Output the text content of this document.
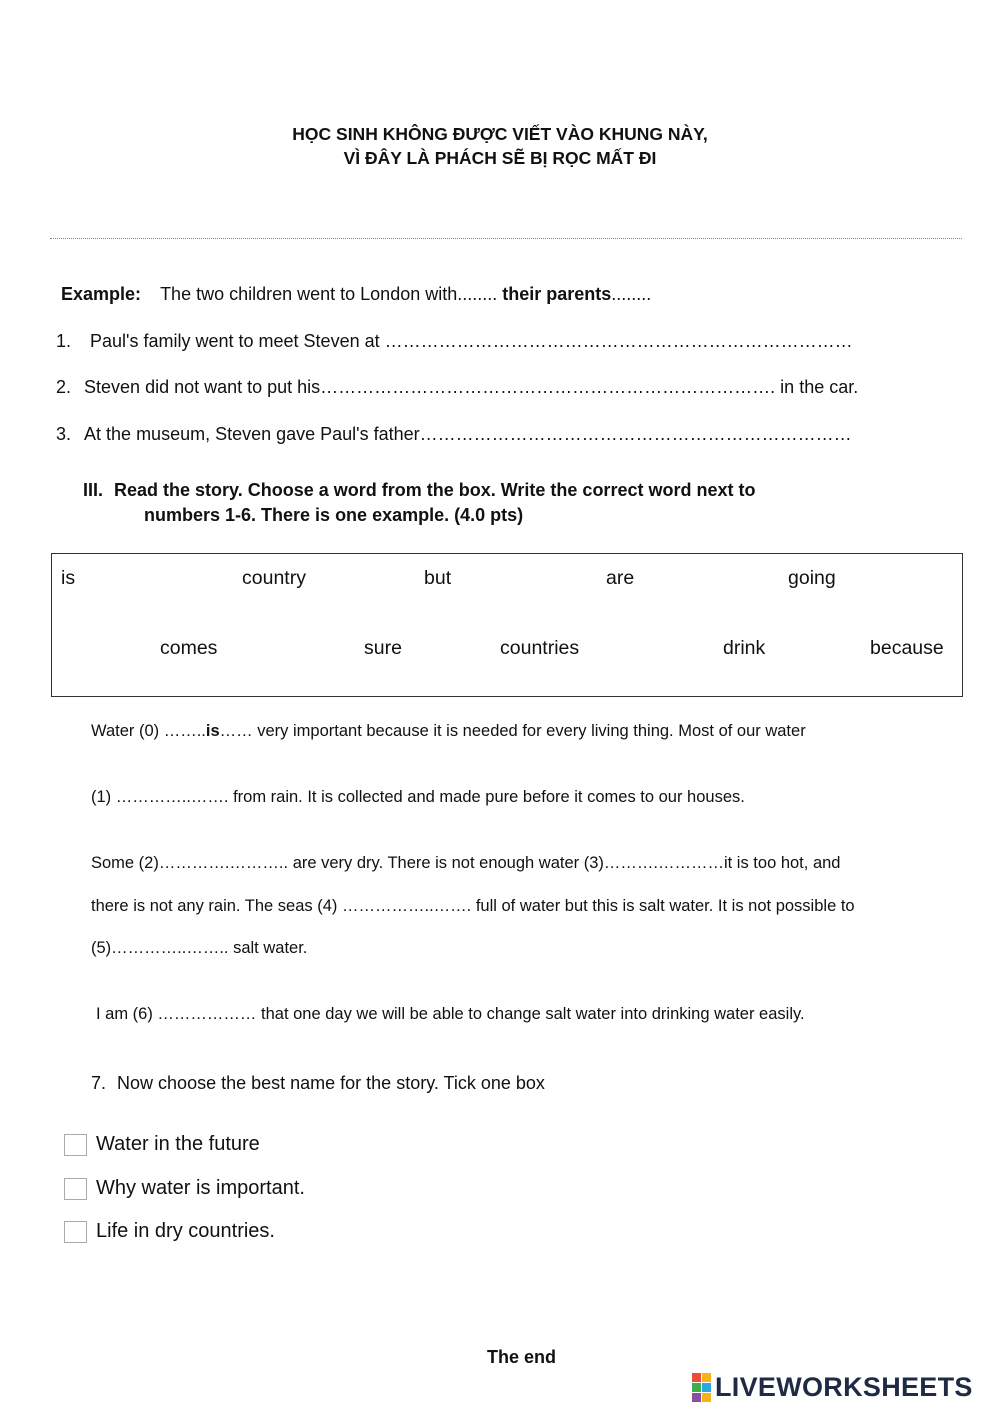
HỌC SINH KHÔNG ĐƯỢC VIẾT VÀO KHUNG NÀY,
VÌ ĐÂY LÀ PHÁCH SẼ BỊ RỌC MẤT ĐI
Example: The two children went to London with........ their parents........
1. Paul's family went to meet Steven at ……………………………………………………………………
2. Steven did not want to put his…………………………………………………………………. in the car.
3. At the museum, Steven gave Paul's father………………………………………………………………
III. Read the story. Choose a word from the box. Write the correct word next to
numbers 1-6. There is one example. (4.0 pts)
is	country	but	are	going
comes	sure	countries	drink	because
Water (0) ……..is…… very important because it is needed for every living thing. Most of our water
(1) …………..……. from rain. It is collected and made pure before it comes to our houses.
Some (2)………….……….. are very dry. There is not enough water (3)……….…………it is too hot, and
there is not any rain. The seas (4) ……………..……. full of water but this is salt water. It is not possible to
(5)…………..…….. salt water.
I am (6) ……………… that one day we will be able to change salt water into drinking water easily.
7. Now choose the best name for the story. Tick one box
Water in the future
Why water is important.
Life in dry countries.
The end
LIVEWORKSHEETS
